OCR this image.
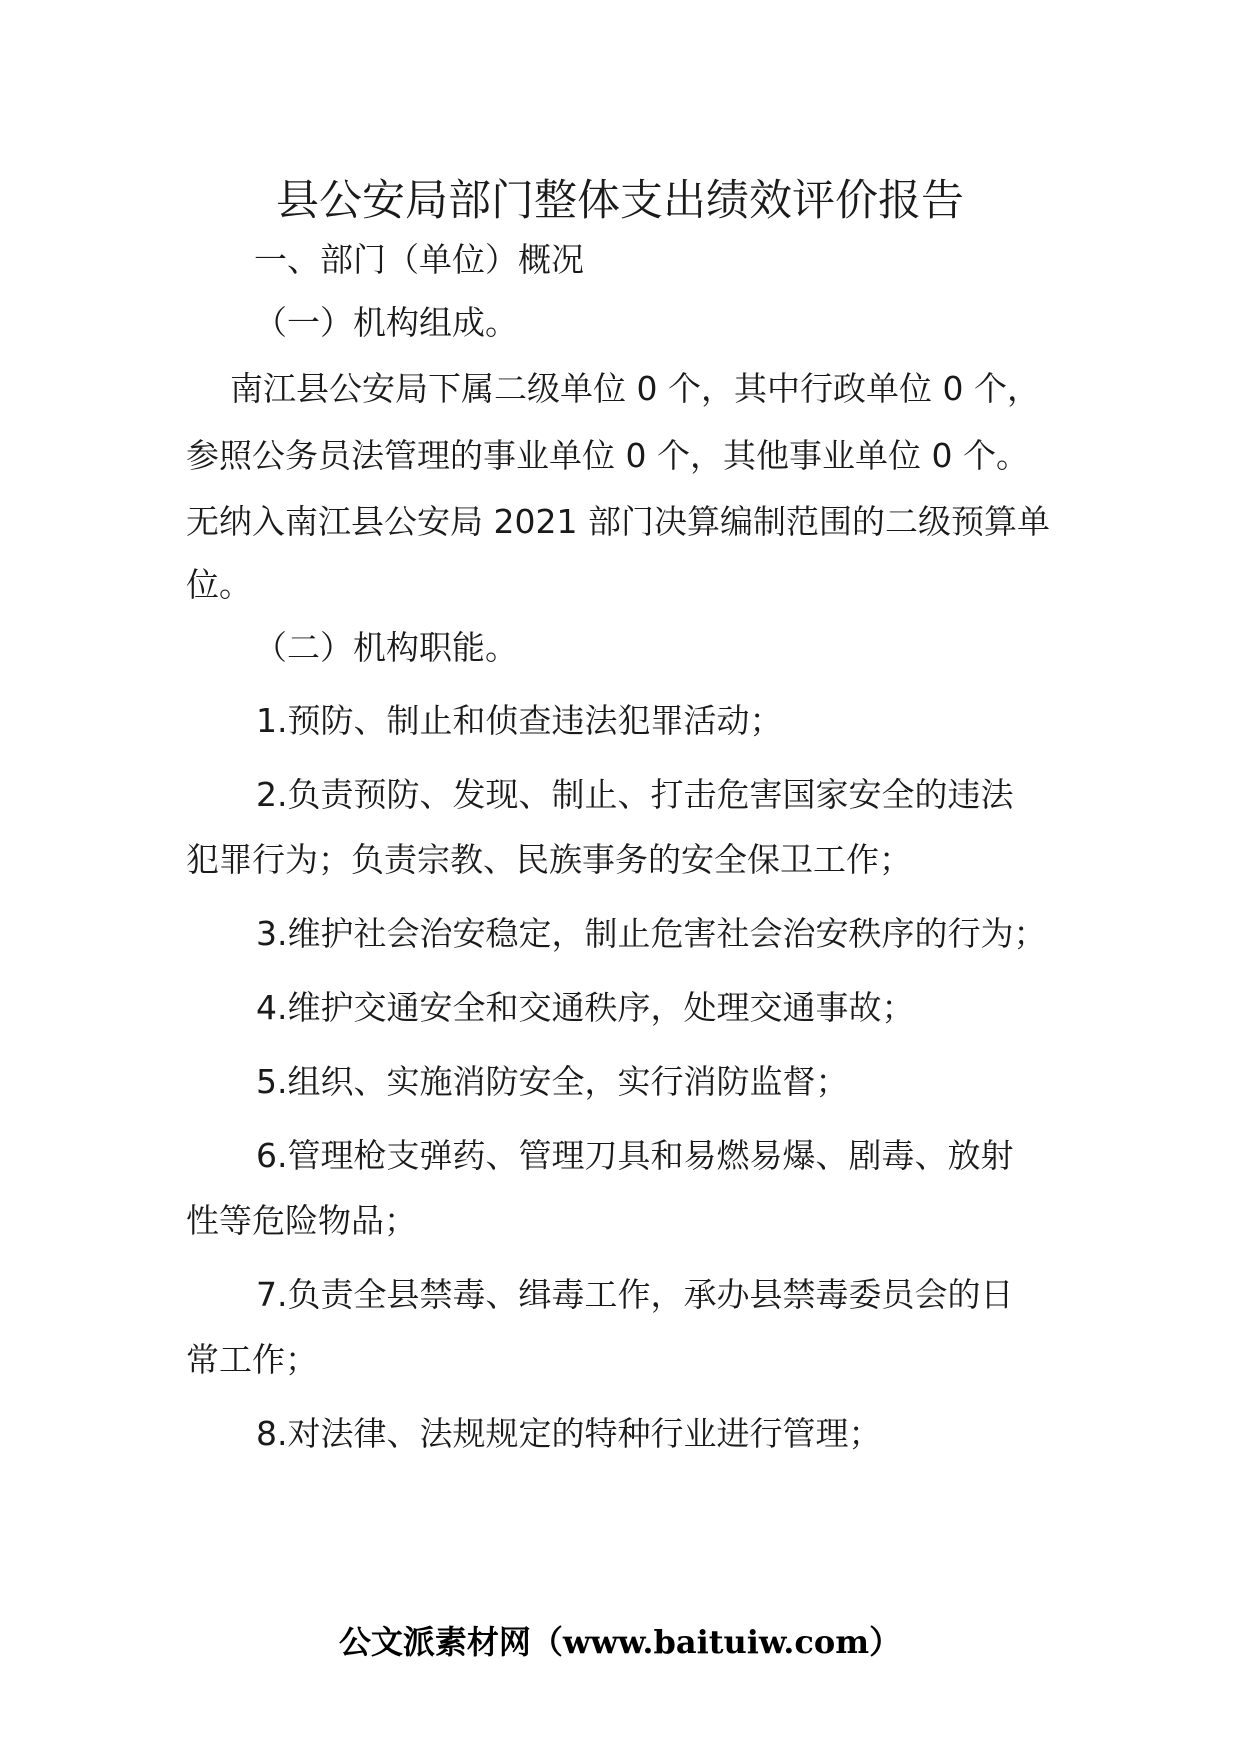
县公安局部门整体支出绩效评价报告
一、部门（单位）概况
（一）机构组成。
南江县公安局下属二级单位 0 个，其中行政单位 0 个，
参照公务员法管理的事业单位 0 个，其他事业单位 0 个。
无纳入南江县公安局 2021 部门决算编制范围的二级预算单
位。
（二）机构职能。
1.预防、制止和侦查违法犯罪活动；
2.负责预防、发现、制止、打击危害国家安全的违法
犯罪行为；负责宗教、民族事务的安全保卫工作；
3.维护社会治安稳定，制止危害社会治安秩序的行为；
4.维护交通安全和交通秩序，处理交通事故；
5.组织、实施消防安全，实行消防监督；
6.管理枪支弹药、管理刀具和易燃易爆、剧毒、放射
性等危险物品；
7.负责全县禁毒、缉毒工作，承办县禁毒委员会的日
常工作；
8.对法律、法规规定的特种行业进行管理；
公文派素材网（www.baituiw.com）
